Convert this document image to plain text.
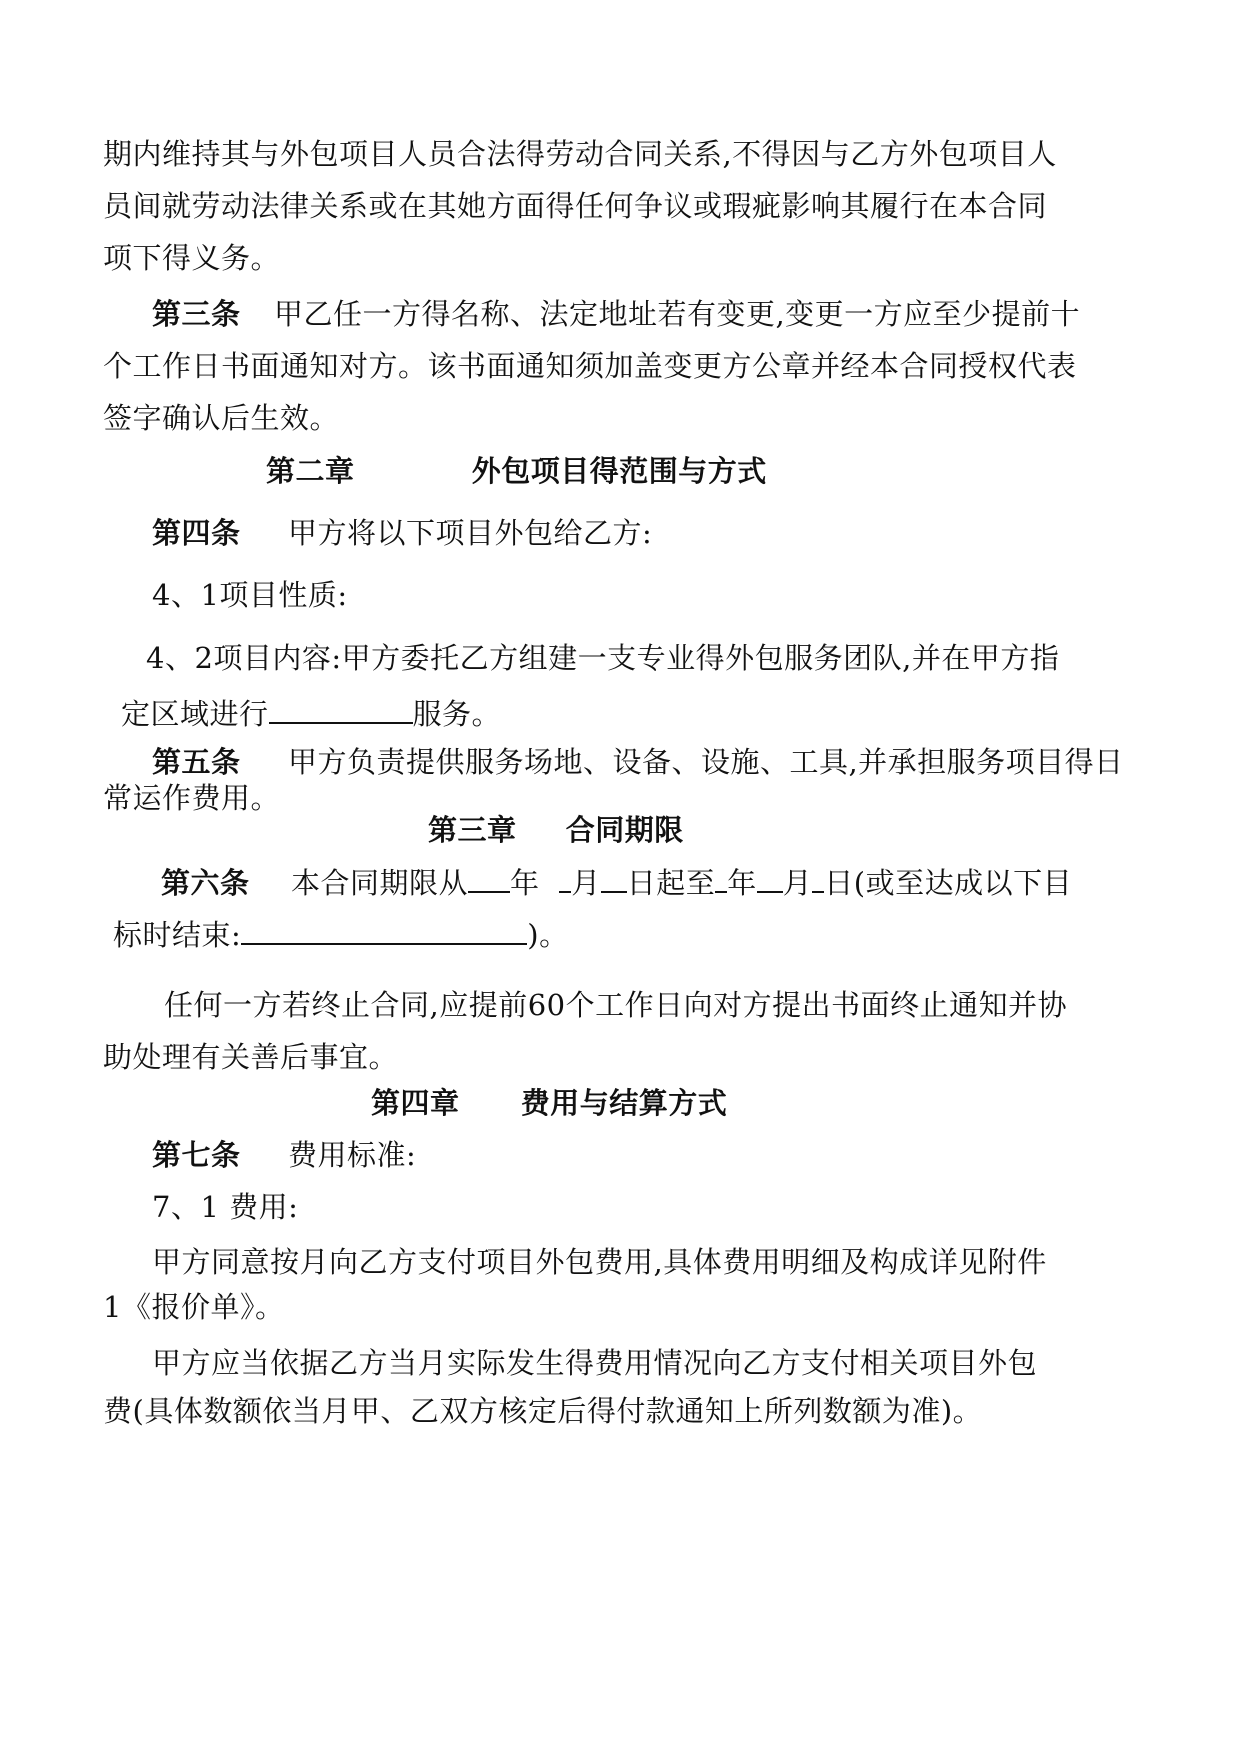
期内维持其与外包项目人员合法得劳动合同关系,不得因与乙方外包项目人
员间就劳动法律关系或在其她方面得任何争议或瑕疵影响其履行在本合同
项下得义务。
第三条 甲乙任一方得名称、法定地址若有变更,变更一方应至少提前十
个工作日书面通知对方。该书面通知须加盖变更方公章并经本合同授权代表
签字确认后生效。
第二章	外包项目得范围与方式
第四条 甲方将以下项目外包给乙方:
4、1项目性质:
4、2项目内容:甲方委托乙方组建一支专业得外包服务团队,并在甲方指
定区域进行	服务。
第五条 甲方负责提供服务场地、设备、设施、工具,并承担服务项目得日
常运作费用。
第三章 合同期限
第六条 本合同期限从 年 月 日起至 年 月 日(或至达成以下目
标时结束:	)。
任何一方若终止合同,应提前60个工作日向对方提出书面终止通知并协
助处理有关善后事宜。
第四章 费用与结算方式
第七条 费用标准:
7、1 费用:
甲方同意按月向乙方支付项目外包费用,具体费用明细及构成详见附件
1《报价单》。
甲方应当依据乙方当月实际发生得费用情况向乙方支付相关项目外包
费(具体数额依当月甲、乙双方核定后得付款通知上所列数额为准)。
